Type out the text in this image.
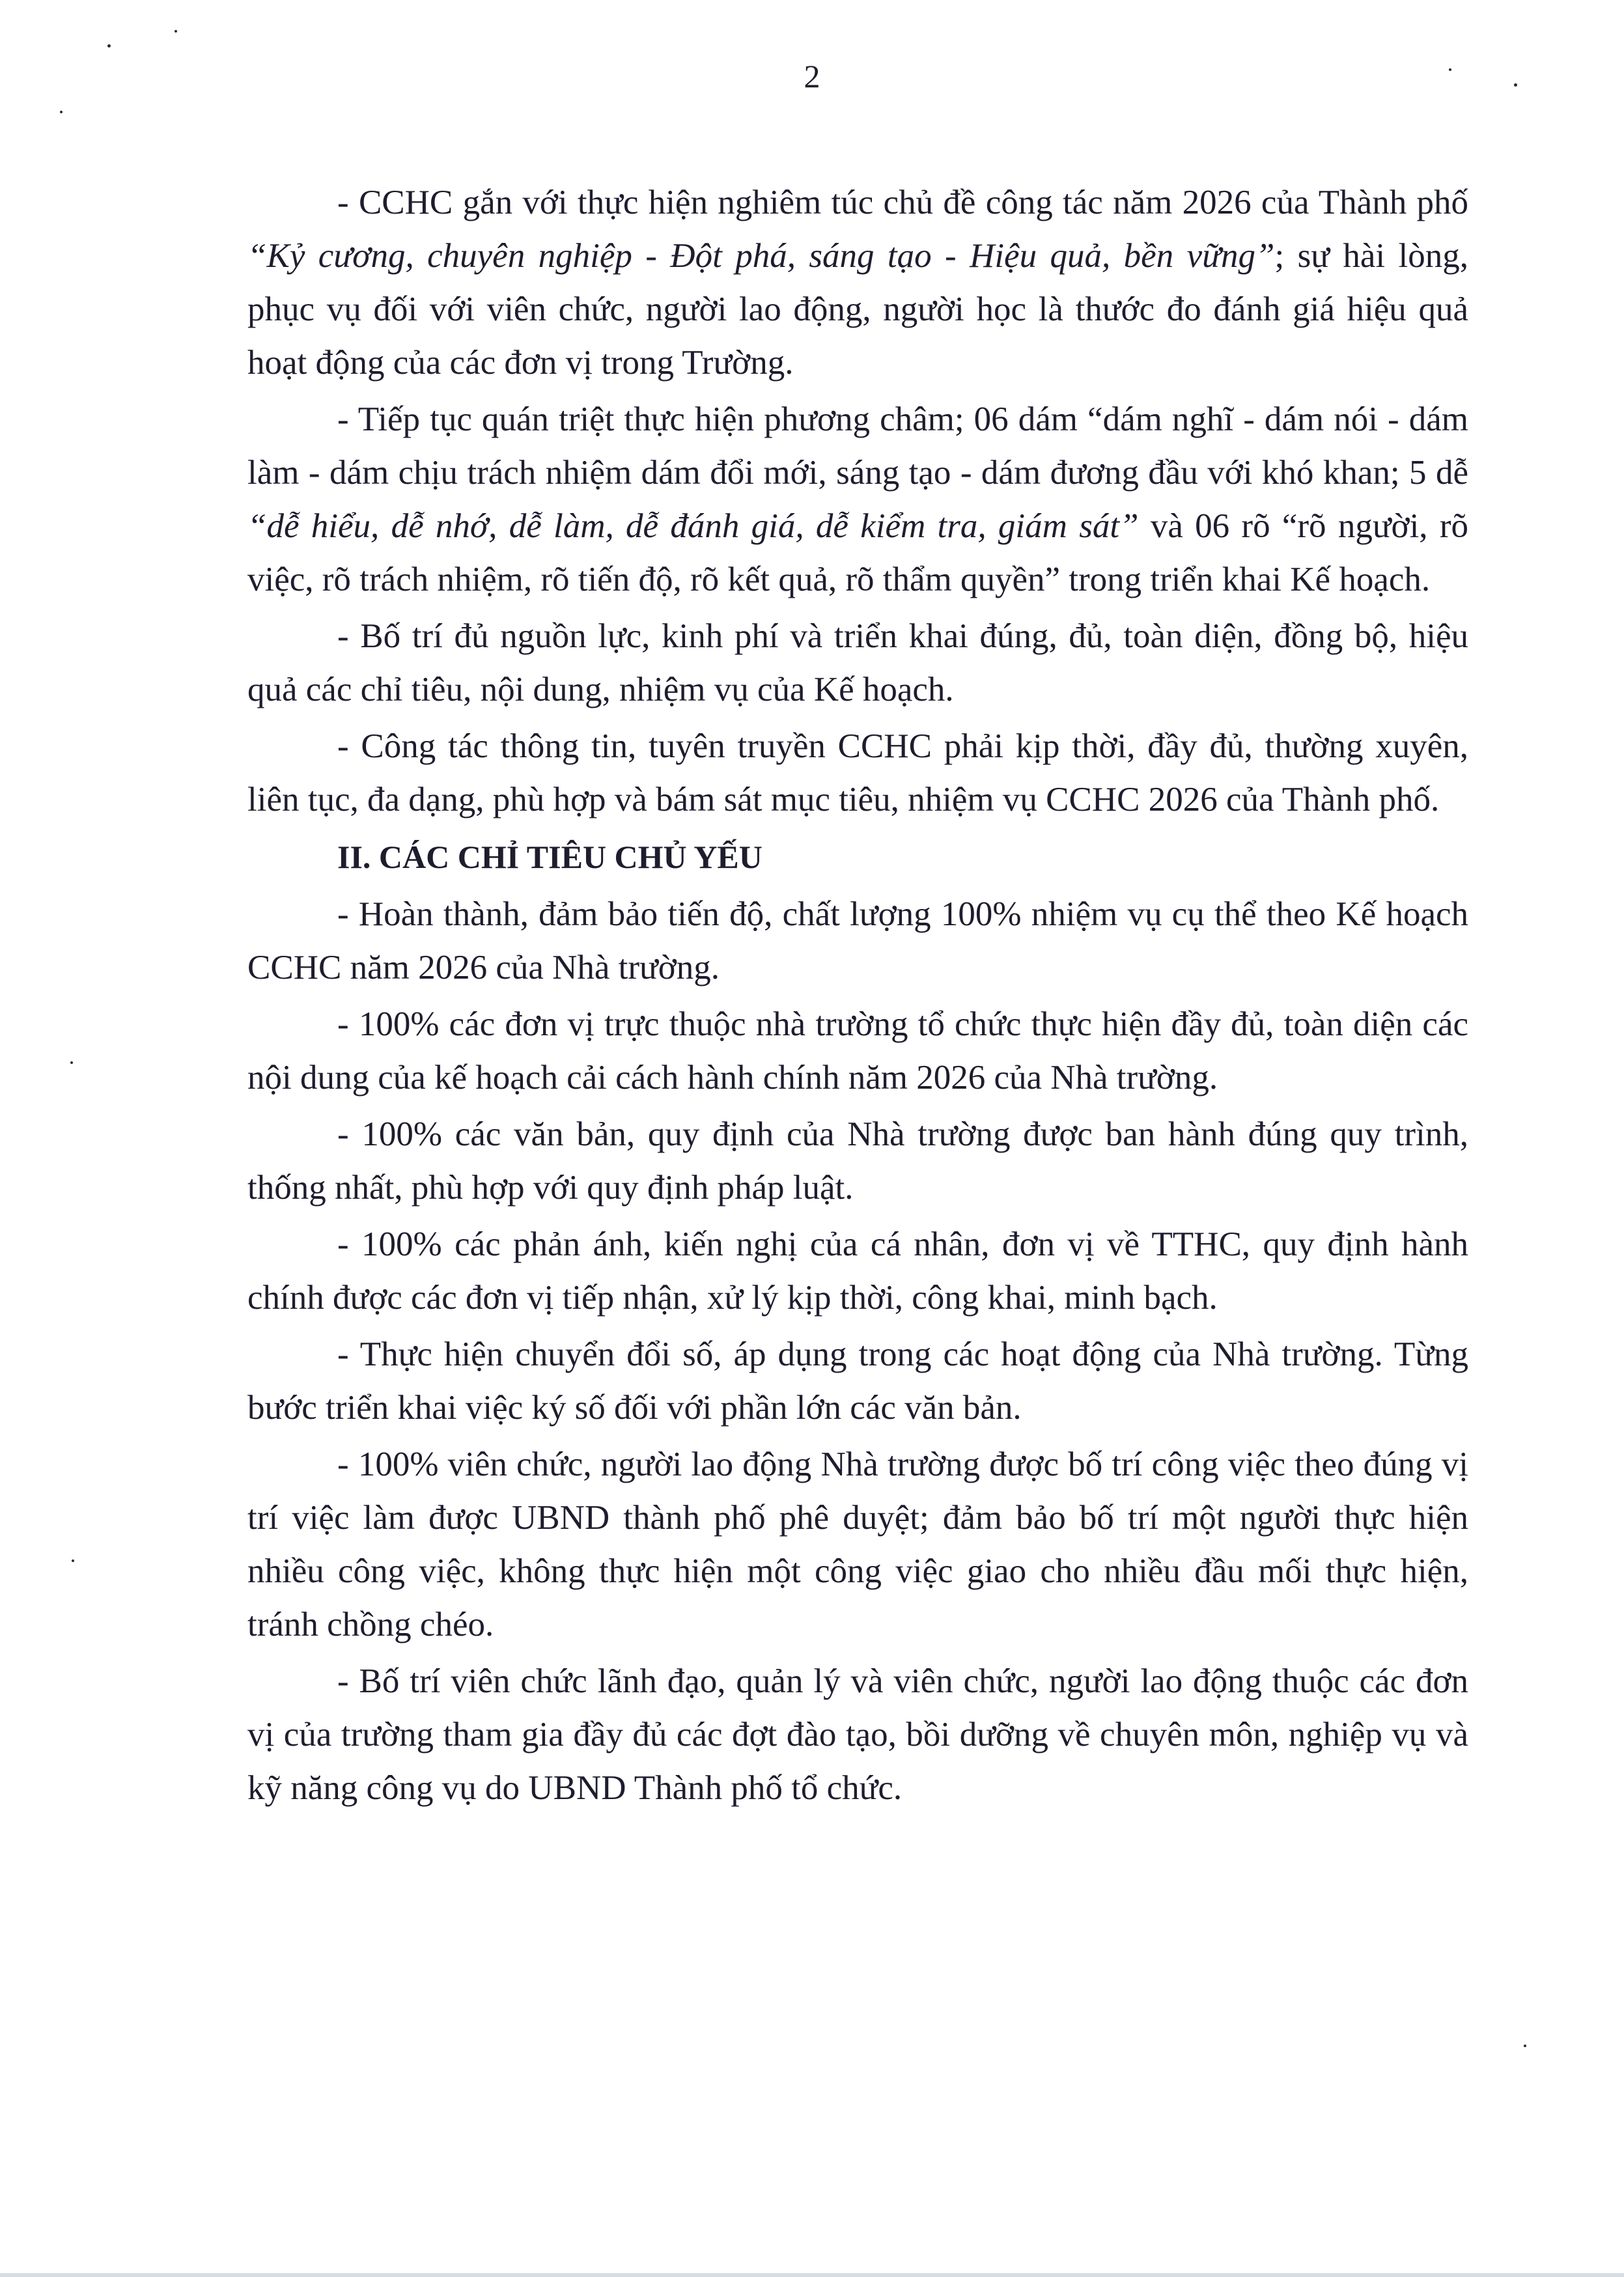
2

- CCHC gắn với thực hiện nghiêm túc chủ đề công tác năm 2026 của Thành phố “Kỷ cương, chuyên nghiệp - Đột phá, sáng tạo - Hiệu quả, bền vững”; sự hài lòng, phục vụ đối với viên chức, người lao động, người học là thước đo đánh giá hiệu quả hoạt động của các đơn vị trong Trường.

- Tiếp tục quán triệt thực hiện phương châm; 06 dám “dám nghĩ - dám nói - dám làm - dám chịu trách nhiệm dám đổi mới, sáng tạo - dám đương đầu với khó khan; 5 dễ “dễ hiểu, dễ nhớ, dễ làm, dễ đánh giá, dễ kiểm tra, giám sát” và 06 rõ “rõ người, rõ việc, rõ trách nhiệm, rõ tiến độ, rõ kết quả, rõ thẩm quyền” trong triển khai Kế hoạch.

- Bố trí đủ nguồn lực, kinh phí và triển khai đúng, đủ, toàn diện, đồng bộ, hiệu quả các chỉ tiêu, nội dung, nhiệm vụ của Kế hoạch.

- Công tác thông tin, tuyên truyền CCHC phải kịp thời, đầy đủ, thường xuyên, liên tục, đa dạng, phù hợp và bám sát mục tiêu, nhiệm vụ CCHC 2026 của Thành phố.

II. CÁC CHỈ TIÊU CHỦ YẾU

- Hoàn thành, đảm bảo tiến độ, chất lượng 100% nhiệm vụ cụ thể theo Kế hoạch CCHC năm 2026 của Nhà trường.

- 100% các đơn vị trực thuộc nhà trường tổ chức thực hiện đầy đủ, toàn diện các nội dung của kế hoạch cải cách hành chính năm 2026 của Nhà trường.

- 100% các văn bản, quy định của Nhà trường được ban hành đúng quy trình, thống nhất, phù hợp với quy định pháp luật.

- 100% các phản ánh, kiến nghị của cá nhân, đơn vị về TTHC, quy định hành chính được các đơn vị tiếp nhận, xử lý kịp thời, công khai, minh bạch.

- Thực hiện chuyển đổi số, áp dụng trong các hoạt động của Nhà trường. Từng bước triển khai việc ký số đối với phần lớn các văn bản.

- 100% viên chức, người lao động Nhà trường được bố trí công việc theo đúng vị trí việc làm được UBND thành phố phê duyệt; đảm bảo bố trí một người thực hiện nhiều công việc, không thực hiện một công việc giao cho nhiều đầu mối thực hiện, tránh chồng chéo.

- Bố trí viên chức lãnh đạo, quản lý và viên chức, người lao động thuộc các đơn vị của trường tham gia đầy đủ các đợt đào tạo, bồi dưỡng về chuyên môn, nghiệp vụ và kỹ năng công vụ do UBND Thành phố tổ chức.
